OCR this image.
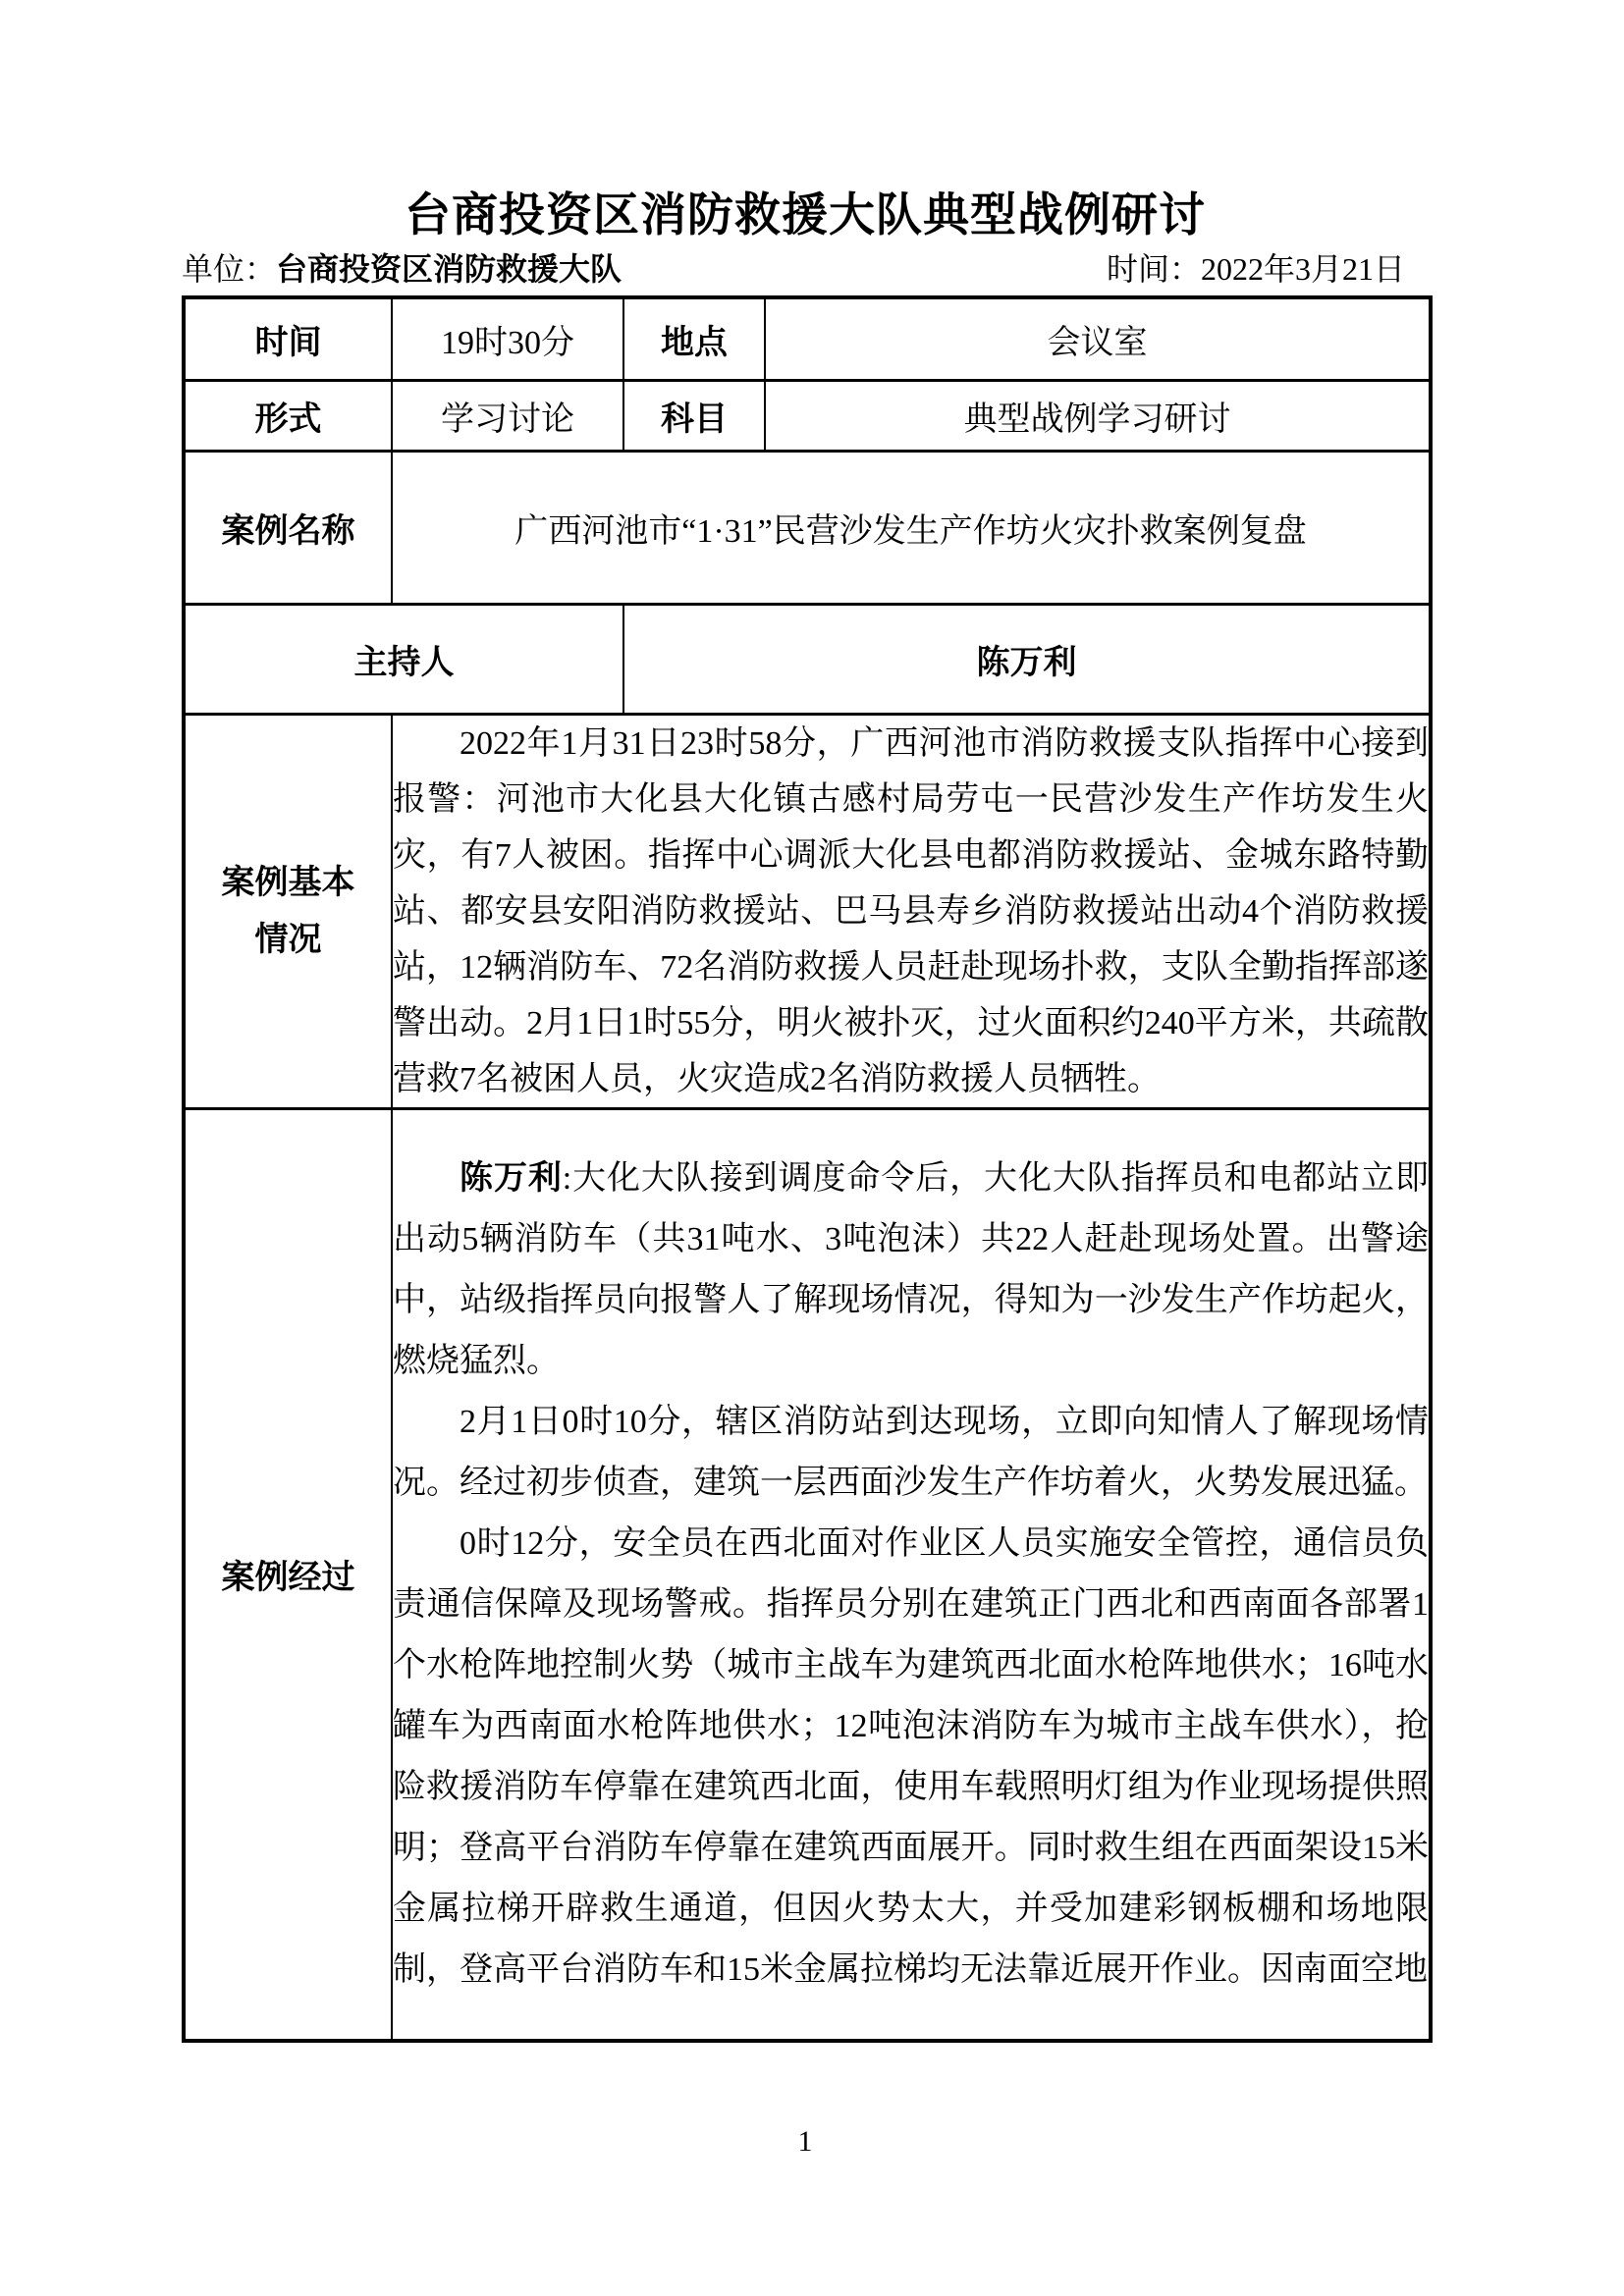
台商投资区消防救援大队典型战例研讨
单位：台商投资区消防救援大队	时间：2022年3月21日
时间	19时30分	地点	会议室
形式	学习讨论	科目	典型战例学习研讨
案例名称	广西河池市“1·31”民营沙发生产作坊火灾扑救案例复盘		
主持人		陈万利	
案例基本情况	2022年1月31日23时58分，广西河池市消防救援支队指挥中心接到报警：河池市大化县大化镇古感村局劳屯一民营沙发生产作坊发生火灾，有7人被困。指挥中心调派大化县电都消防救援站、金城东路特勤站、都安县安阳消防救援站、巴马县寿乡消防救援站出动4个消防救援站，12辆消防车、72名消防救援人员赶赴现场扑救，支队全勤指挥部遂警出动。2月1日1时55分，明火被扑灭，过火面积约240平方米，共疏散营救7名被困人员，火灾造成2名消防救援人员牺牲。		

案例经过	陈万利:大化大队接到调度命令后，大化大队指挥员和电都站立即出动5辆消防车（共31吨水、3吨泡沫）共22人赶赴现场处置。出警途中，站级指挥员向报警人了解现场情况，得知为一沙发生产作坊起火，燃烧猛烈。

2月1日0时10分，辖区消防站到达现场，立即向知情人了解现场情况。经过初步侦查，建筑一层西面沙发生产作坊着火，火势发展迅猛。

0时12分，安全员在西北面对作业区人员实施安全管控，通信员负责通信保障及现场警戒。指挥员分别在建筑正门西北和西南面各部署1个水枪阵地控制火势（城市主战车为建筑西北面水枪阵地供水；16吨水罐车为西南面水枪阵地供水；12吨泡沫消防车为城市主战车供水），抢险救援消防车停靠在建筑西北面，使用车载照明灯组为作业现场提供照明；登高平台消防车停靠在建筑西面展开。同时救生组在西面架设15米金属拉梯开辟救生通道，但因火势太大，并受加建彩钢板棚和场地限制，登高平台消防车和15米金属拉梯均无法靠近展开作业。因南面空地		

1
